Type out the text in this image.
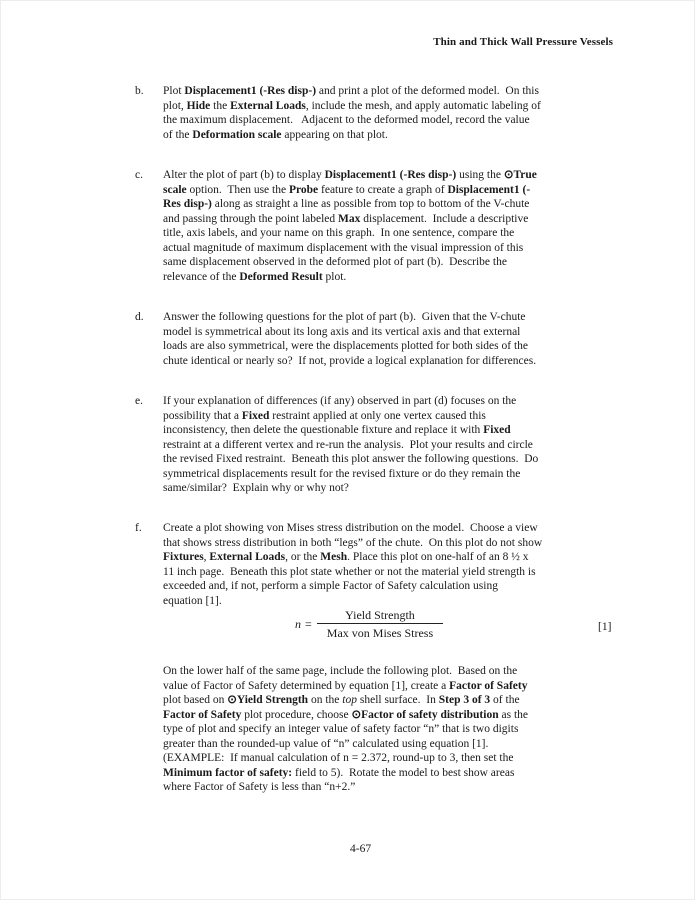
Thin and Thick Wall Pressure Vessels
b. Plot Displacement1 (-Res disp-) and print a plot of the deformed model.  On this
plot, Hide the External Loads, include the mesh, and apply automatic labeling of
the maximum displacement.   Adjacent to the deformed model, record the value
of the Deformation scale appearing on that plot.
c. Alter the plot of part (b) to display Displacement1 (-Res disp-) using the ⊙True
scale option.  Then use the Probe feature to create a graph of Displacement1 (-
Res disp-) along as straight a line as possible from top to bottom of the V-chute
and passing through the point labeled Max displacement.  Include a descriptive
title, axis labels, and your name on this graph.  In one sentence, compare the
actual magnitude of maximum displacement with the visual impression of this
same displacement observed in the deformed plot of part (b).  Describe the
relevance of the Deformed Result plot.
d. Answer the following questions for the plot of part (b).  Given that the V-chute
model is symmetrical about its long axis and its vertical axis and that external
loads are also symmetrical, were the displacements plotted for both sides of the
chute identical or nearly so?  If not, provide a logical explanation for differences.
e. If your explanation of differences (if any) observed in part (d) focuses on the
possibility that a Fixed restraint applied at only one vertex caused this
inconsistency, then delete the questionable fixture and replace it with Fixed
restraint at a different vertex and re-run the analysis.  Plot your results and circle
the revised Fixed restraint.  Beneath this plot answer the following questions.  Do
symmetrical displacements result for the revised fixture or do they remain the
same/similar?  Explain why or why not?
f. Create a plot showing von Mises stress distribution on the model.  Choose a view
that shows stress distribution in both “legs” of the chute.  On this plot do not show
Fixtures, External Loads, or the Mesh. Place this plot on one-half of an 8 ½ x
11 inch page.  Beneath this plot state whether or not the material yield strength is
exceeded and, if not, perform a simple Factor of Safety calculation using
equation [1].
$n = \frac{\text{Yield Strength}}{\text{Max von Mises Stress}}$	[1]
On the lower half of the same page, include the following plot.  Based on the
value of Factor of Safety determined by equation [1], create a Factor of Safety
plot based on ⊙Yield Strength on the top shell surface.  In Step 3 of 3 of the
Factor of Safety plot procedure, choose ⊙Factor of safety distribution as the
type of plot and specify an integer value of safety factor “n” that is two digits
greater than the rounded-up value of “n” calculated using equation [1].
(EXAMPLE:  If manual calculation of n = 2.372, round-up to 3, then set the
Minimum factor of safety: field to 5).  Rotate the model to best show areas
where Factor of Safety is less than “n+2.”
4-67
